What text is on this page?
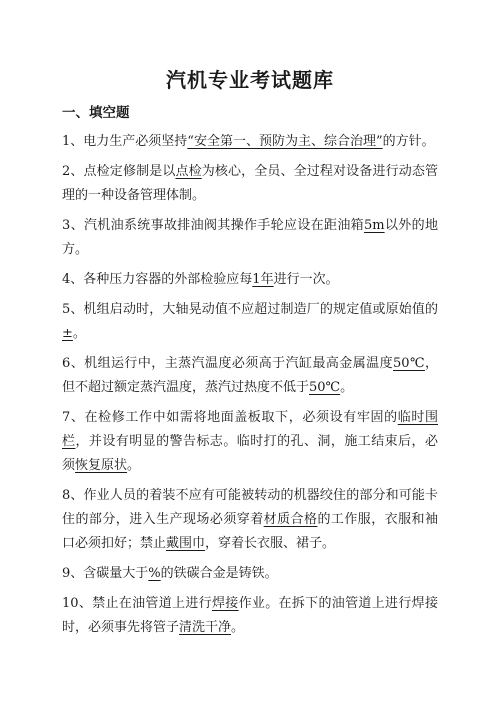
汽机专业考试题库
一、填空题
1、电力生产必须坚持“安全第一、预防为主、综合治理”的方针。
2、点检定修制是以点检为核心，全员、全过程对设备进行动态管理的一种设备管理体制。
3、汽机油系统事故排油阀其操作手轮应设在距油箱5m以外的地方。
4、各种压力容器的外部检验应每1年进行一次。
5、机组启动时，大轴晃动值不应超过制造厂的规定值或原始值的±。
6、机组运行中，主蒸汽温度必须高于汽缸最高金属温度50℃，但不超过额定蒸汽温度，蒸汽过热度不低于50℃。
7、在检修工作中如需将地面盖板取下，必须设有牢固的临时围栏，并设有明显的警告标志。临时打的孔、洞，施工结束后，必须恢复原状。
8、作业人员的着装不应有可能被转动的机器绞住的部分和可能卡住的部分，进入生产现场必须穿着材质合格的工作服，衣服和袖口必须扣好；禁止戴围巾，穿着长衣服、裙子。
9、含碳量大于%的铁碳合金是铸铁。
10、禁止在油管道上进行焊接作业。在拆下的油管道上进行焊接时，必须事先将管子清洗干净。
